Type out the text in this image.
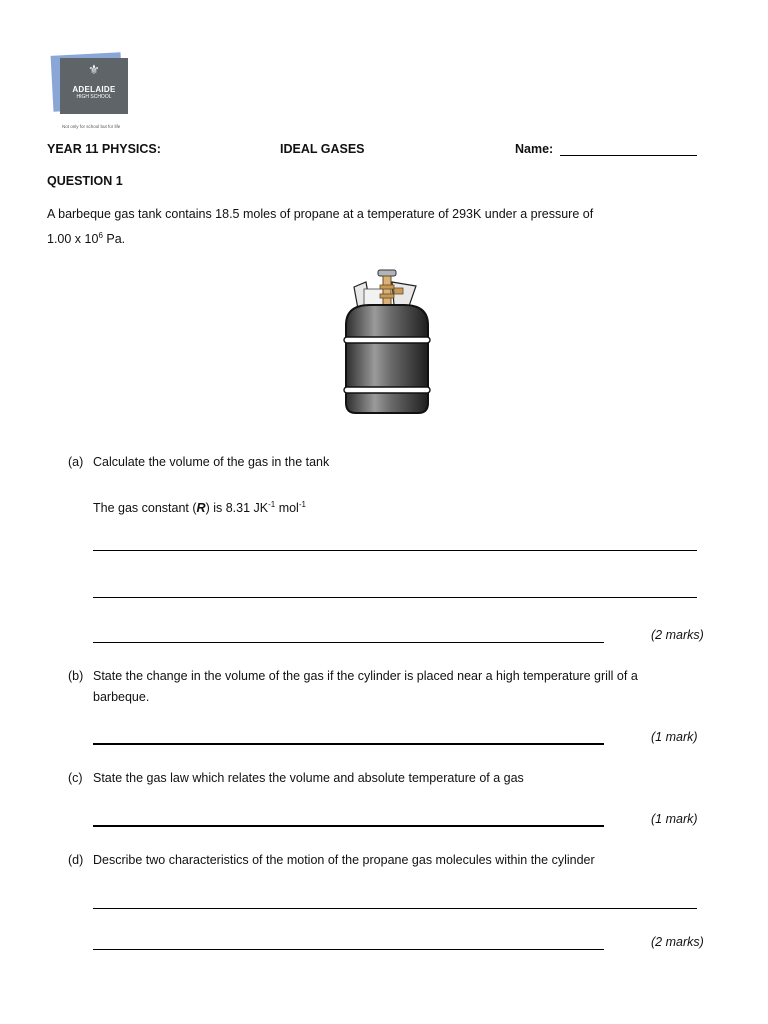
⚜
ADELAIDE
HIGH SCHOOL
Not only for school but for life
YEAR 11 PHYSICS:	IDEAL GASES	Name:
QUESTION 1
A barbeque gas tank contains 18.5 moles of propane at a temperature of 293K under a pressure of
1.00 x $10^6$ Pa.
(a) Calculate the volume of the gas in the tank
The gas constant (R) is 8.31 $JK^{-1}$ mol$^{-1}$
(2 marks)
(b) State the change in the volume of the gas if the cylinder is placed near a high temperature grill of a
barbeque.
(1 mark)
(c) State the gas law which relates the volume and absolute temperature of a gas
(1 mark)
(d) Describe two characteristics of the motion of the propane gas molecules within the cylinder
(2 marks)
